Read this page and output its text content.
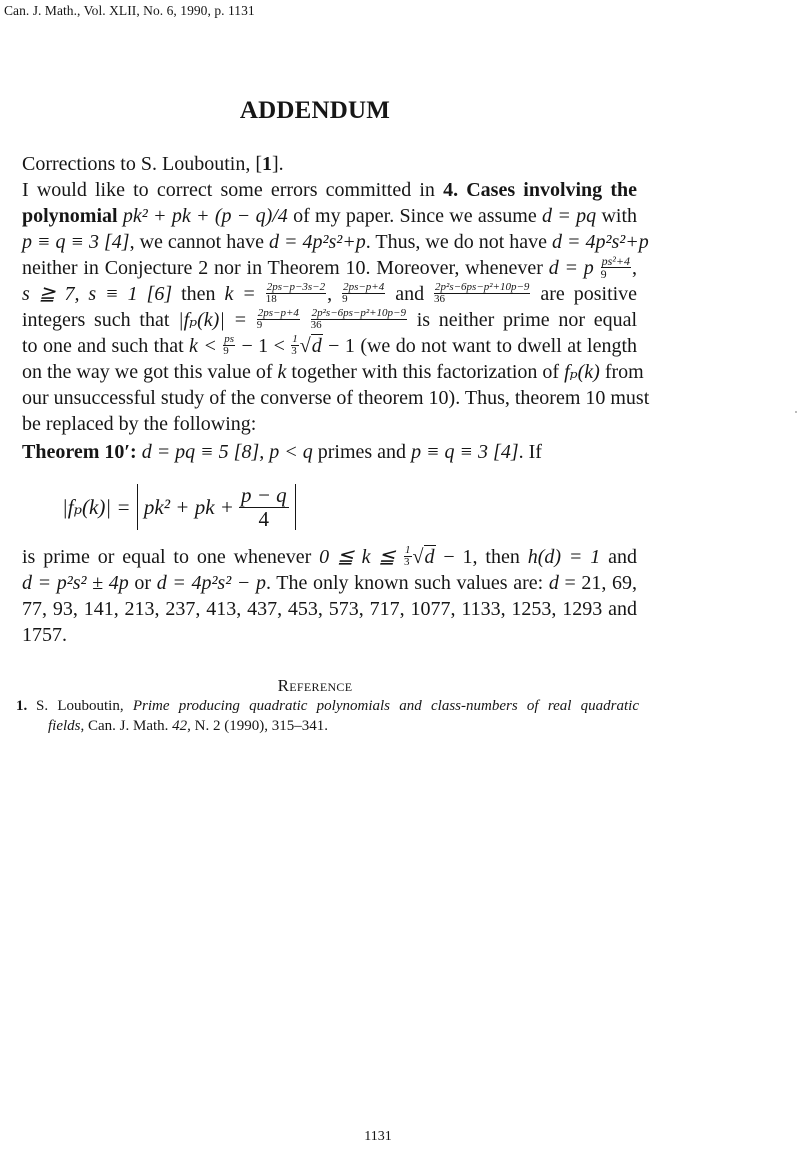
Can. J. Math., Vol. XLII, No. 6, 1990, p. 1131
ADDENDUM
Corrections to S. Louboutin, [1].
I would like to correct some errors committed in 4. Cases involving the
polynomial pk² + pk + (p − q)/4 of my paper. Since we assume d = pq with
p ≡ q ≡ 3 [4], we cannot have d = 4p²s²+p. Thus, we do not have d = 4p²s²+p
neither in Conjecture 2 nor in Theorem 10. Moreover, whenever d = p $\frac{\text{ps²+4}}{9}$ ,
s ≧ 7, s ≡ 1 [6] then $k = \frac{2ps-p-3s-2}{18}$ , $\frac{2ps-p+4}{9}$ and $\frac{\text{2p²s−6ps−p²+10p−9}}{36}$ are positive
integers such that $|f_p(k)| = \frac{2ps-p+4}{9}$
$\frac{\text{2p²s−6ps−p²+10p−9}}{36}$ is neither prime nor equal
to one and such that $k < \frac{ps}{9} - 1 < \frac{1}{3} √d - 1$ (we do not want to dwell at length
on the way we got this value of k together with this factorization of fₚ(k) from
our unsuccessful study of the converse of theorem 10). Thus, theorem 10 must
be replaced by the following:
Theorem 10′: d = pq ≡ 5 [8], p < q primes and p ≡ q ≡ 3 [4]. If
|fₚ(k)| = pk² + pk + $\frac{p - q}{4}$
is prime or equal to one whenever 0 ≦ k ≦ $\frac{1}{3} √d - 1$, then h(d) = 1 and
d = p²s² ± 4p or d = 4p²s² − p. The only known such values are: d = 21, 69,
77, 93, 141, 213, 237, 413, 437, 453, 573, 717, 1077, 1133, 1253, 1293 and
1757.
Reference
1. S. Louboutin, Prime producing quadratic polynomials and class-numbers of real quadratic
fields, Can. J. Math. 42, N. 2 (1990), 315–341.
1131
